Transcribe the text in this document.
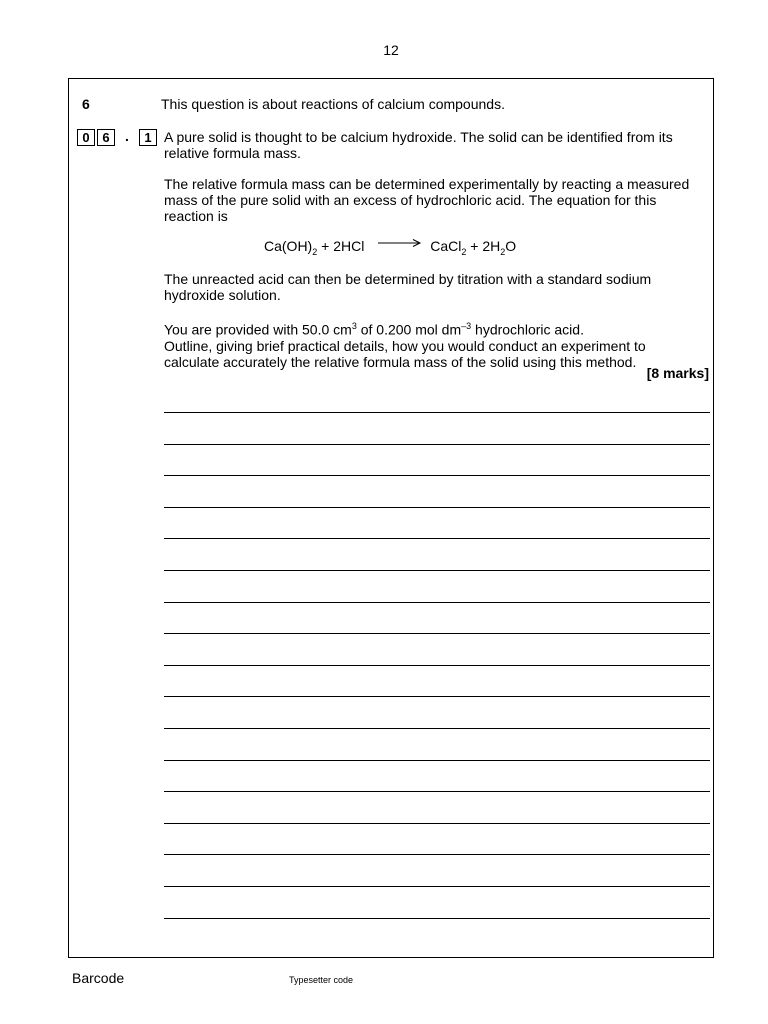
12
6	This question is about reactions of calcium compounds.
0 6	.	1 A pure solid is thought to be calcium hydroxide. The solid can be identified from its
relative formula mass.
The relative formula mass can be determined experimentally by reacting a measured
mass of the pure solid with an excess of hydrochloric acid. The equation for this
reaction is
$Ca(OH)_2 + 2HCl$ → CaCl$_2$ + $2H_2O$
The unreacted acid can then be determined by titration with a standard sodium
hydroxide solution.
You are provided with 50.0 $cm^3$ of 0.200 mol $dm^{-3}$ hydrochloric acid.
Outline, giving brief practical details, how you would conduct an experiment to
calculate accurately the relative formula mass of the solid using this method.
[8 marks]
Barcode	Typesetter code
